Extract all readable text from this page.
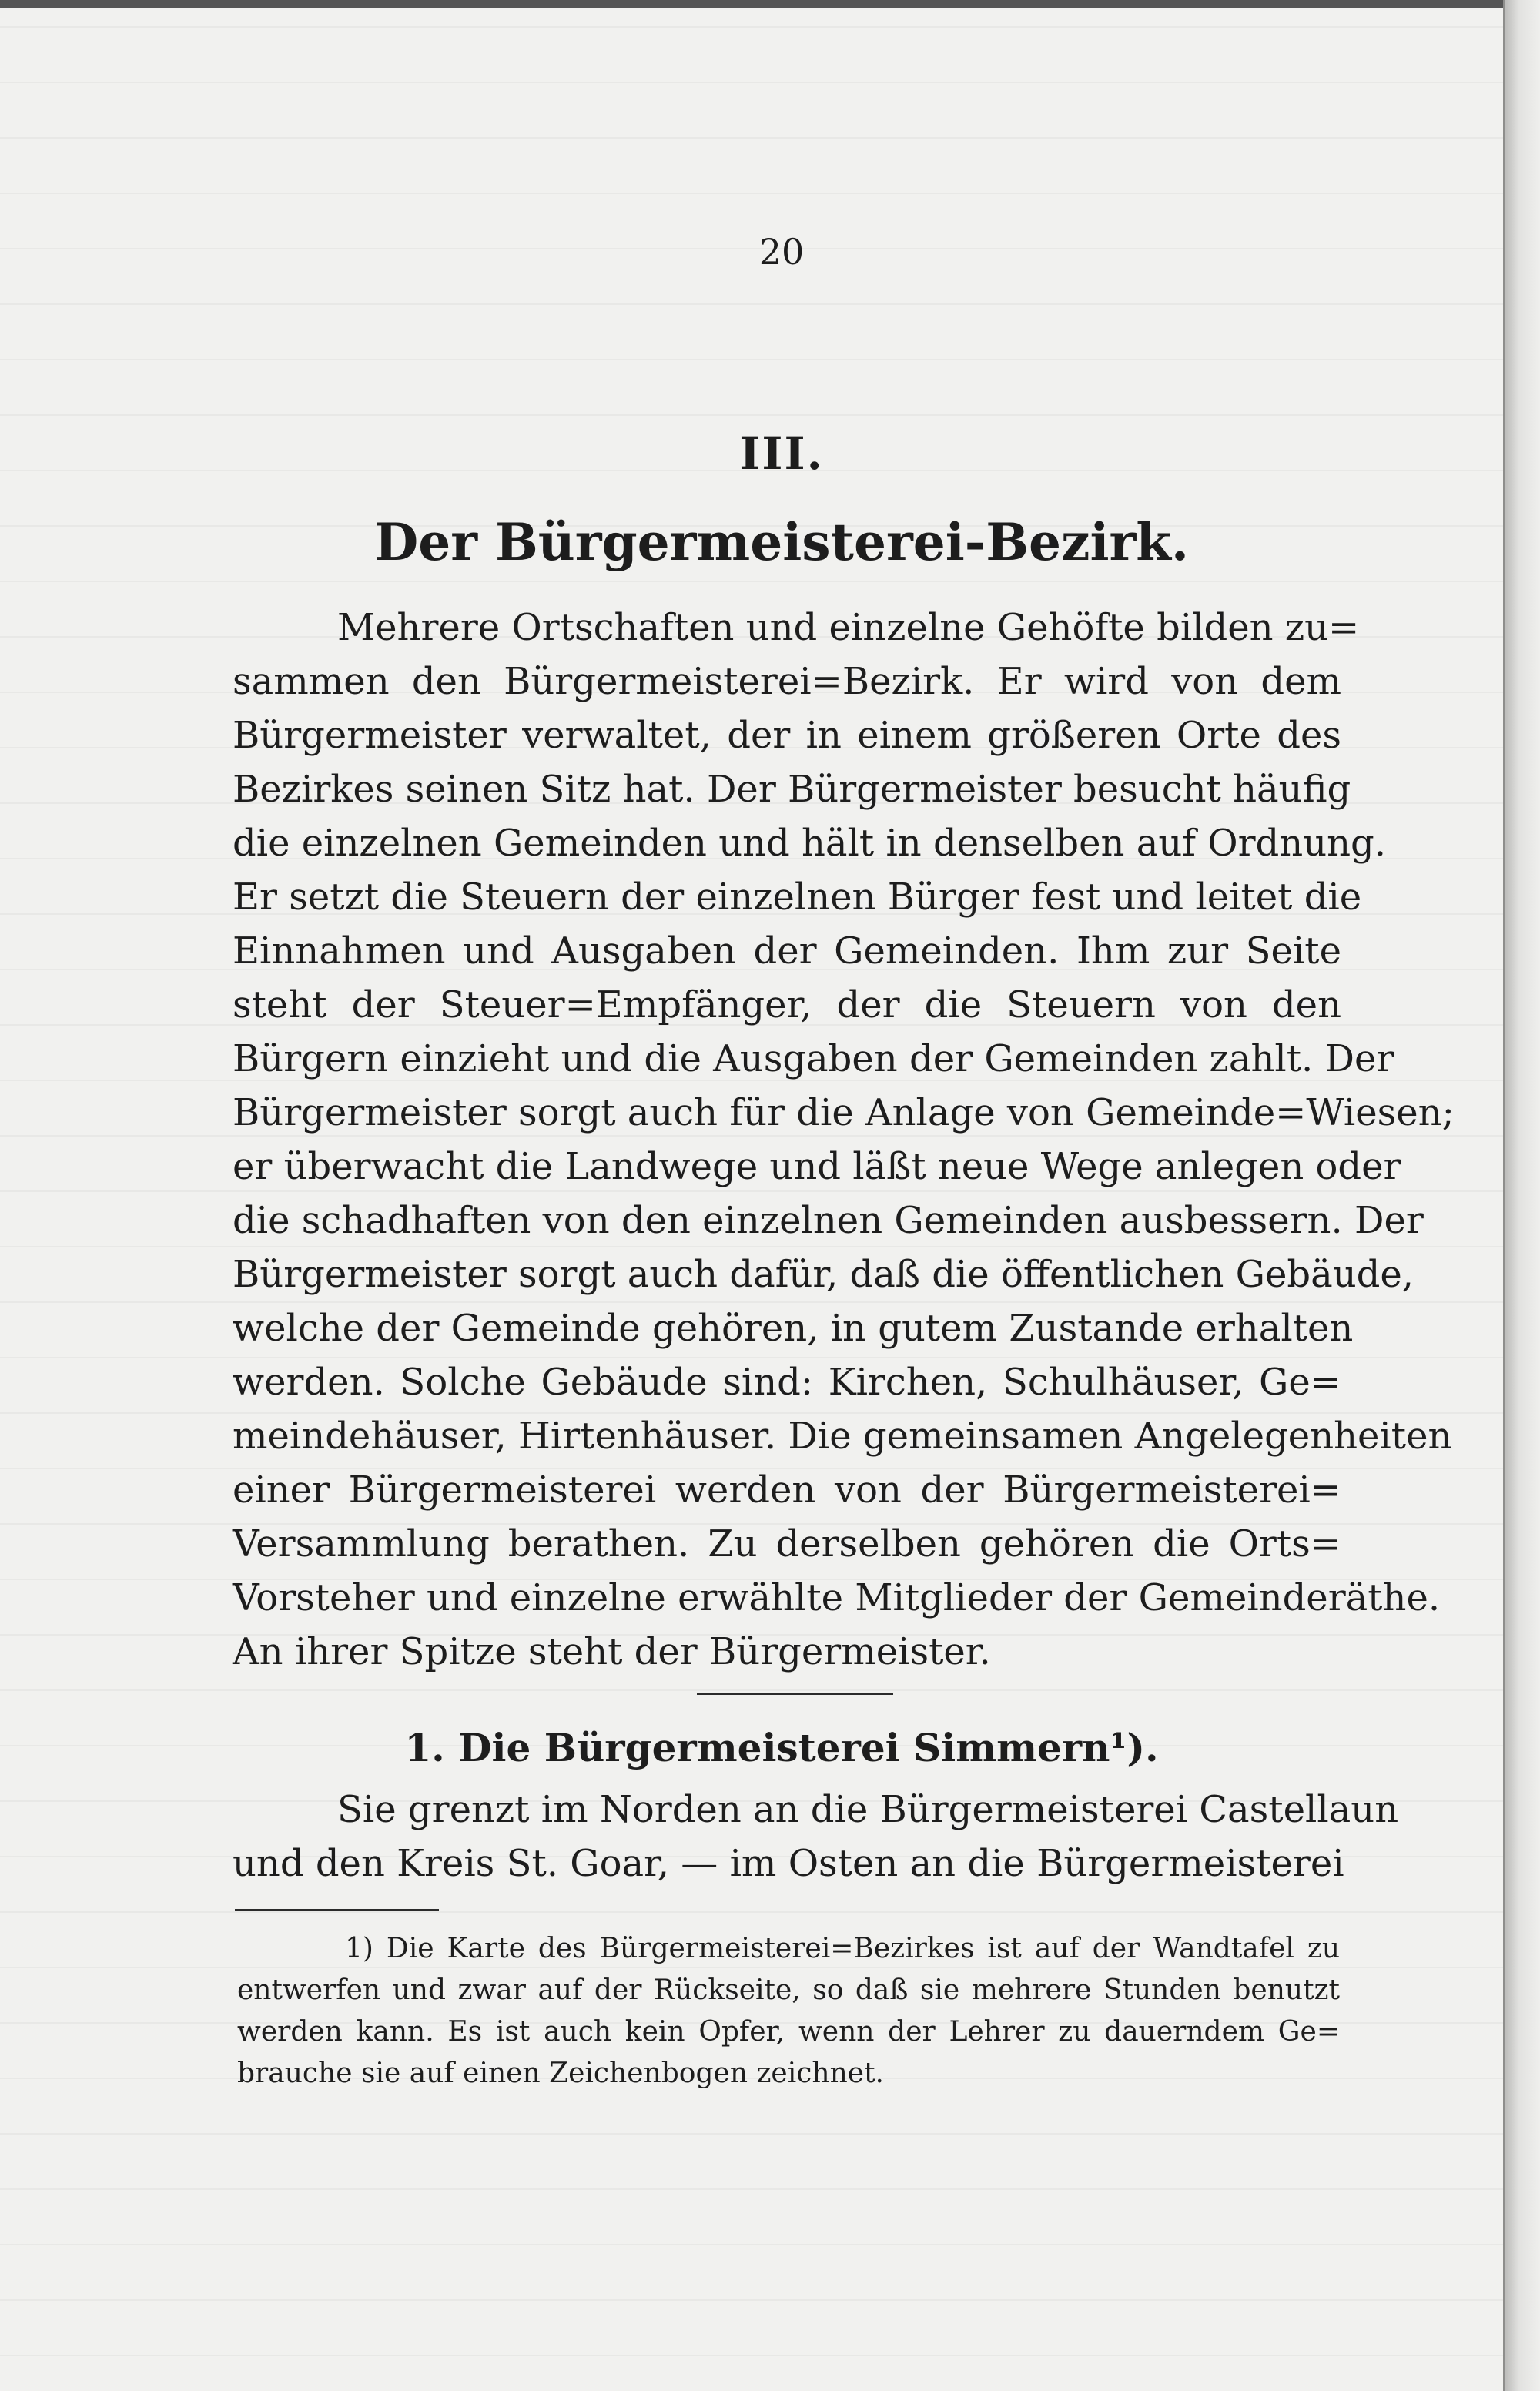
20
III.
Der Bürgermeisterei-Bezirk.
Mehrere Ortschaften und einzelne Gehöfte bilden zu=
sammen den Bürgermeisterei=Bezirk. Er wird von dem
Bürgermeister verwaltet, der in einem größeren Orte des
Bezirkes seinen Sitz hat. Der Bürgermeister besucht häufig
die einzelnen Gemeinden und hält in denselben auf Ordnung.
Er setzt die Steuern der einzelnen Bürger fest und leitet die
Einnahmen und Ausgaben der Gemeinden. Ihm zur Seite
steht der Steuer=Empfänger, der die Steuern von den
Bürgern einzieht und die Ausgaben der Gemeinden zahlt. Der
Bürgermeister sorgt auch für die Anlage von Gemeinde=Wiesen;
er überwacht die Landwege und läßt neue Wege anlegen oder
die schadhaften von den einzelnen Gemeinden ausbessern. Der
Bürgermeister sorgt auch dafür, daß die öffentlichen Gebäude,
welche der Gemeinde gehören, in gutem Zustande erhalten
werden. Solche Gebäude sind: Kirchen, Schulhäuser, Ge=
meindehäuser, Hirtenhäuser. Die gemeinsamen Angelegenheiten
einer Bürgermeisterei werden von der Bürgermeisterei=
Versammlung berathen. Zu derselben gehören die Orts=
Vorsteher und einzelne erwählte Mitglieder der Gemeinderäthe.
An ihrer Spitze steht der Bürgermeister.
1. Die Bürgermeisterei Simmern¹).
Sie grenzt im Norden an die Bürgermeisterei Castellaun
und den Kreis St. Goar, — im Osten an die Bürgermeisterei
1) Die Karte des Bürgermeisterei=Bezirkes ist auf der Wandtafel zu
entwerfen und zwar auf der Rückseite, so daß sie mehrere Stunden benutzt
werden kann. Es ist auch kein Opfer, wenn der Lehrer zu dauerndem Ge=
brauche sie auf einen Zeichenbogen zeichnet.
